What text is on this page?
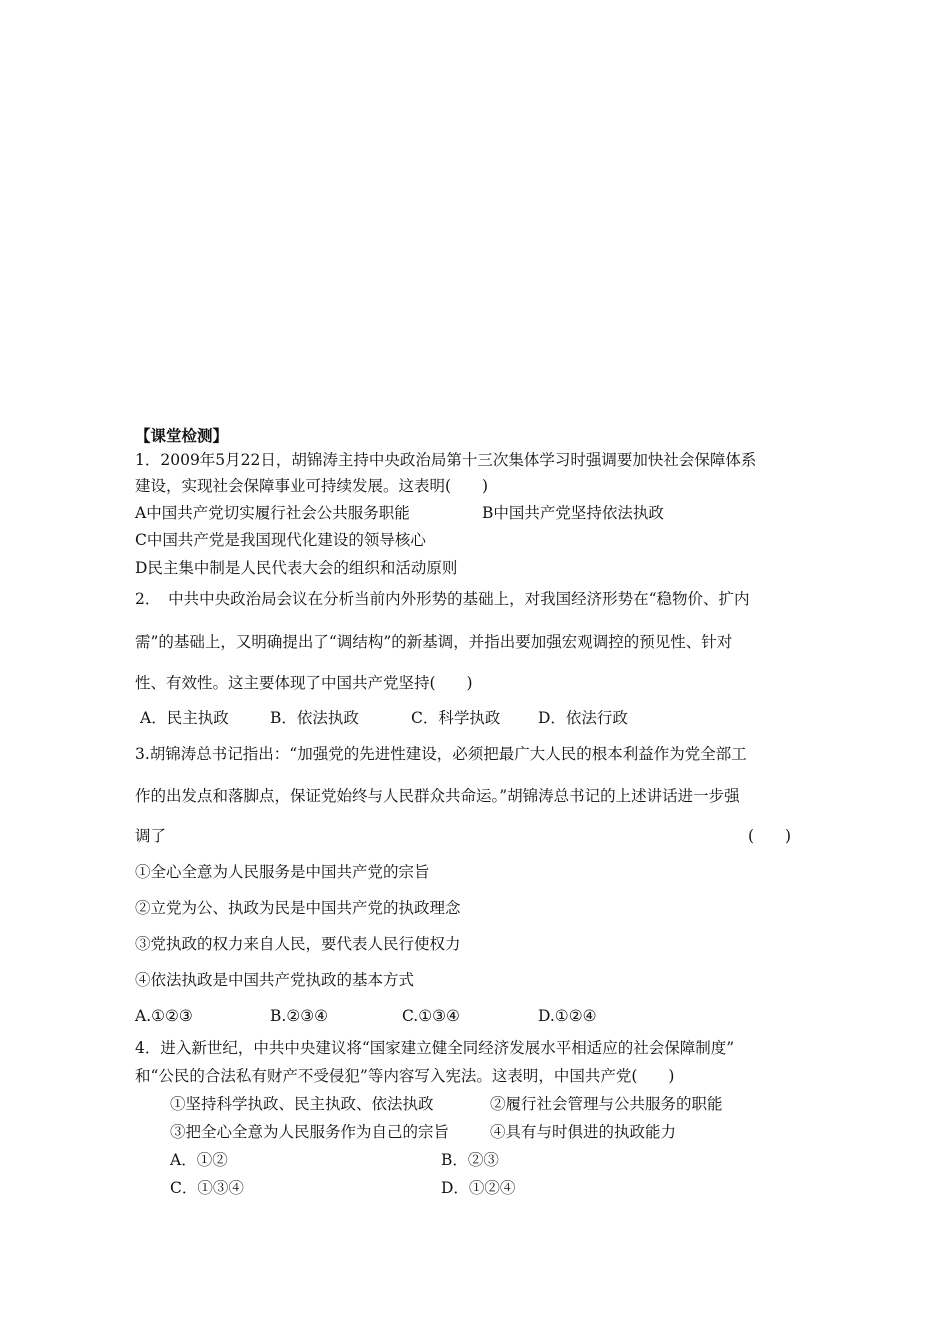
【课堂检测】
1．2009年5月22日，胡锦涛主持中央政治局第十三次集体学习时强调要加快社会保障体系
建设，实现社会保障事业可持续发展。这表明(　　)
A中国共产党切实履行社会公共服务职能	B中国共产党坚持依法执政
C中国共产党是我国现代化建设的领导核心
D民主集中制是人民代表大会的组织和活动原则
2．　中共中央政治局会议在分析当前内外形势的基础上，对我国经济形势在“稳物价、扩内
需”的基础上，又明确提出了“调结构”的新基调，并指出要加强宏观调控的预见性、针对
性、有效性。这主要体现了中国共产党坚持(　　)
A．民主执政	B．依法执政	C．科学执政 D．依法行政
3.胡锦涛总书记指出：“加强党的先进性建设，必须把最广大人民的根本利益作为党全部工
作的出发点和落脚点，保证党始终与人民群众共命运。”胡锦涛总书记的上述讲话进一步强
调了	(　　)
①全心全意为人民服务是中国共产党的宗旨
②立党为公、执政为民是中国共产党的执政理念
③党执政的权力来自人民，要代表人民行使权力
④依法执政是中国共产党执政的基本方式
A.①②③	B.②③④	C.①③④	D.①②④
4．进入新世纪，中共中央建议将“国家建立健全同经济发展水平相适应的社会保障制度”
和“公民的合法私有财产不受侵犯”等内容写入宪法。这表明，中国共产党(　　)
①坚持科学执政、民主执政、依法执政	②履行社会管理与公共服务的职能
③把全心全意为人民服务作为自己的宗旨	④具有与时俱进的执政能力
A．①②	B．②③
C．①③④	D．①②④
